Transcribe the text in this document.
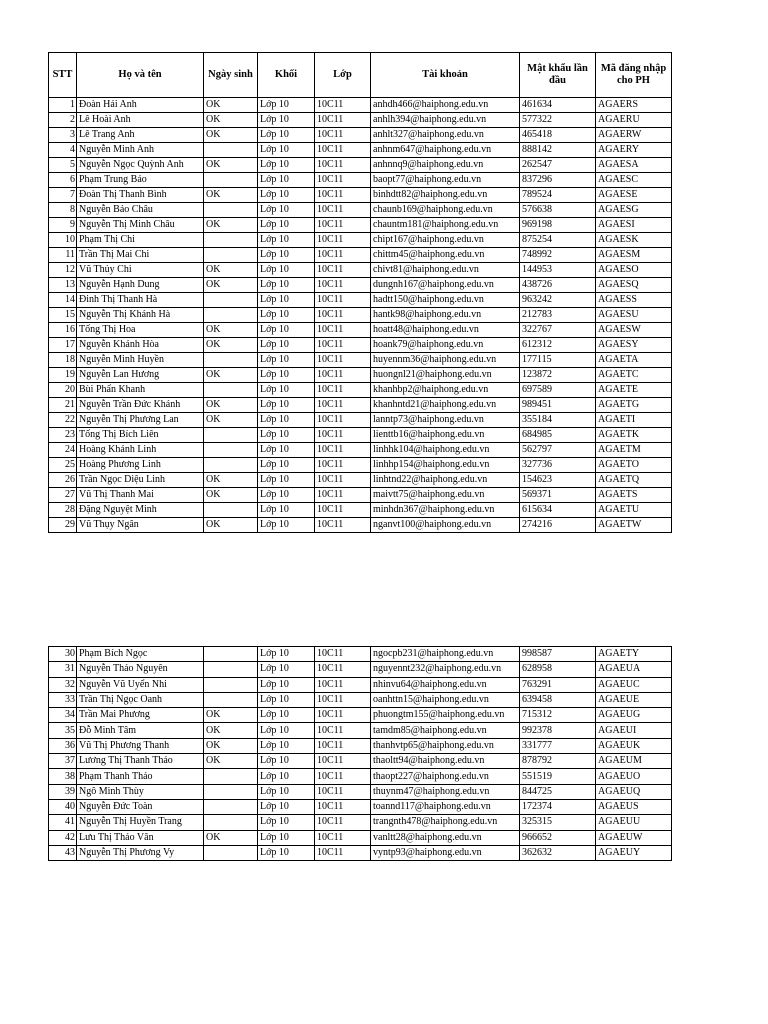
STT	Họ và tên	Ngày sinh	Khối	Lớp	Tài khoản	Mật khẩu lần đầu	Mã đăng nhập cho PH
1	Đoàn Hải Anh	OK	Lớp 10	10C11	anhdh466@haiphong.edu.vn	461634	AGAERS
2	Lê Hoài Anh	OK	Lớp 10	10C11	anhlh394@haiphong.edu.vn	577322	AGAERU
3	Lê Trang Anh	OK	Lớp 10	10C11	anhlt327@haiphong.edu.vn	465418	AGAERW
4	Nguyễn Minh Anh		Lớp 10	10C11	anhnm647@haiphong.edu.vn	888142	AGAERY
5	Nguyễn Ngọc Quỳnh Anh	OK	Lớp 10	10C11	anhnnq9@haiphong.edu.vn	262547	AGAESA
6	Phạm Trung Bảo		Lớp 10	10C11	baopt77@haiphong.edu.vn	837296	AGAESC
7	Đoàn Thị Thanh Bình	OK	Lớp 10	10C11	binhdtt82@haiphong.edu.vn	789524	AGAESE
8	Nguyễn Bảo Châu		Lớp 10	10C11	chaunb169@haiphong.edu.vn	576638	AGAESG
9	Nguyễn Thị Minh Châu	OK	Lớp 10	10C11	chauntm181@haiphong.edu.vn	969198	AGAESI
10	Phạm Thị Chi		Lớp 10	10C11	chipt167@haiphong.edu.vn	875254	AGAESK
11	Trần Thị Mai Chi		Lớp 10	10C11	chittm45@haiphong.edu.vn	748992	AGAESM
12	Vũ Thủy Chi	OK	Lớp 10	10C11	chivt81@haiphong.edu.vn	144953	AGAESO
13	Nguyễn Hạnh Dung	OK	Lớp 10	10C11	dungnh167@haiphong.edu.vn	438726	AGAESQ
14	Đinh Thị Thanh Hà		Lớp 10	10C11	hadtt150@haiphong.edu.vn	963242	AGAESS
15	Nguyễn Thị Khánh Hà		Lớp 10	10C11	hantk98@haiphong.edu.vn	212783	AGAESU
16	Tống Thị Hoa	OK	Lớp 10	10C11	hoatt48@haiphong.edu.vn	322767	AGAESW
17	Nguyễn Khánh Hòa	OK	Lớp 10	10C11	hoank79@haiphong.edu.vn	612312	AGAESY
18	Nguyễn Minh Huyền		Lớp 10	10C11	huyennm36@haiphong.edu.vn	177115	AGAETA
19	Nguyễn Lan Hương	OK	Lớp 10	10C11	huongnl21@haiphong.edu.vn	123872	AGAETC
20	Bùi Phấn Khanh		Lớp 10	10C11	khanhbp2@haiphong.edu.vn	697589	AGAETE
21	Nguyễn Trần Đức Khánh	OK	Lớp 10	10C11	khanhntd21@haiphong.edu.vn	989451	AGAETG
22	Nguyễn Thị Phương Lan	OK	Lớp 10	10C11	lanntp73@haiphong.edu.vn	355184	AGAETI
23	Tống Thị Bích Liên		Lớp 10	10C11	lienttb16@haiphong.edu.vn	684985	AGAETK
24	Hoàng Khánh Linh		Lớp 10	10C11	linhhk104@haiphong.edu.vn	562797	AGAETM
25	Hoàng Phương Linh		Lớp 10	10C11	linhhp154@haiphong.edu.vn	327736	AGAETO
26	Trần Ngọc Diệu Linh	OK	Lớp 10	10C11	linhtnd22@haiphong.edu.vn	154623	AGAETQ
27	Vũ Thị Thanh Mai	OK	Lớp 10	10C11	maivtt75@haiphong.edu.vn	569371	AGAETS
28	Đặng Nguyệt Minh		Lớp 10	10C11	minhdn367@haiphong.edu.vn	615634	AGAETU
29	Vũ Thụy Ngân	OK	Lớp 10	10C11	nganvt100@haiphong.edu.vn	274216	AGAETW
30	Phạm Bích Ngọc		Lớp 10	10C11	ngocpb231@haiphong.edu.vn	998587	AGAETY
31	Nguyễn Thảo Nguyên		Lớp 10	10C11	nguyennt232@haiphong.edu.vn	628958	AGAEUA
32	Nguyễn Vũ Uyển Nhi		Lớp 10	10C11	nhinvu64@haiphong.edu.vn	763291	AGAEUC
33	Trần Thị Ngọc Oanh		Lớp 10	10C11	oanhttn15@haiphong.edu.vn	639458	AGAEUE
34	Trần Mai Phương	OK	Lớp 10	10C11	phuongtm155@haiphong.edu.vn	715312	AGAEUG
35	Đỗ Minh Tâm	OK	Lớp 10	10C11	tamdm85@haiphong.edu.vn	992378	AGAEUI
36	Vũ Thị Phương Thanh	OK	Lớp 10	10C11	thanhvtp65@haiphong.edu.vn	331777	AGAEUK
37	Lương Thị Thanh Thảo	OK	Lớp 10	10C11	thaoltt94@haiphong.edu.vn	878792	AGAEUM
38	Phạm Thanh Thảo		Lớp 10	10C11	thaopt227@haiphong.edu.vn	551519	AGAEUO
39	Ngô Minh Thùy		Lớp 10	10C11	thuynm47@haiphong.edu.vn	844725	AGAEUQ
40	Nguyễn Đức Toàn		Lớp 10	10C11	toannd117@haiphong.edu.vn	172374	AGAEUS
41	Nguyễn Thị Huyền Trang		Lớp 10	10C11	trangnth478@haiphong.edu.vn	325315	AGAEUU
42	Lưu Thị Thảo Vân	OK	Lớp 10	10C11	vanltt28@haiphong.edu.vn	966652	AGAEUW
43	Nguyễn Thị Phương Vy		Lớp 10	10C11	vyntp93@haiphong.edu.vn	362632	AGAEUY
